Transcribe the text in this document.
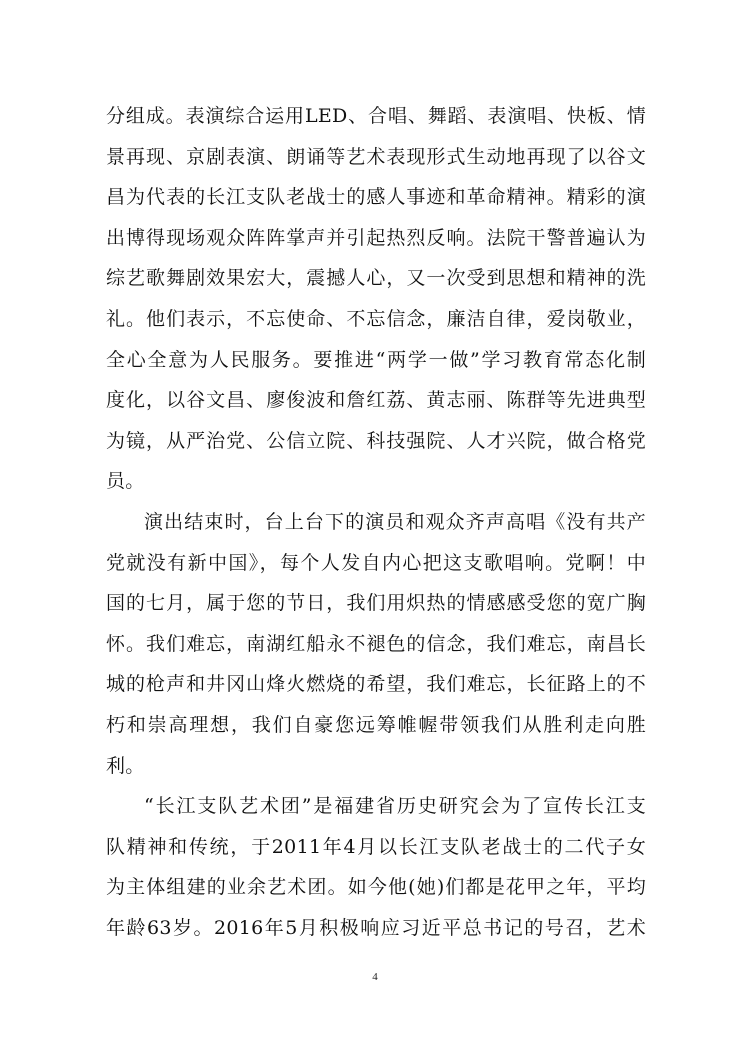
分组成。表演综合运用LED、合唱、舞蹈、表演唱、快板、情
景再现、京剧表演、朗诵等艺术表现形式生动地再现了以谷文
昌为代表的长江支队老战士的感人事迹和革命精神。精彩的演
出博得现场观众阵阵掌声并引起热烈反响。法院干警普遍认为
综艺歌舞剧效果宏大，震撼人心，又一次受到思想和精神的洗
礼。他们表示，不忘使命、不忘信念，廉洁自律，爱岗敬业，
全心全意为人民服务。要推进“两学一做”学习教育常态化制
度化，以谷文昌、廖俊波和詹红荔、黄志丽、陈群等先进典型
为镜，从严治党、公信立院、科技强院、人才兴院，做合格党
员。
演出结束时，台上台下的演员和观众齐声高唱《没有共产
党就没有新中国》，每个人发自内心把这支歌唱响。党啊！中
国的七月，属于您的节日，我们用炽热的情感感受您的宽广胸
怀。我们难忘，南湖红船永不褪色的信念，我们难忘，南昌长
城的枪声和井冈山烽火燃烧的希望，我们难忘，长征路上的不
朽和崇高理想，我们自豪您远筹帷幄带领我们从胜利走向胜
利。
“长江支队艺术团”是福建省历史研究会为了宣传长江支
队精神和传统，于2011年4月以长江支队老战士的二代子女
为主体组建的业余艺术团。如今他(她)们都是花甲之年，平均
年龄63岁。2016年5月积极响应习近平总书记的号召，艺术
4
